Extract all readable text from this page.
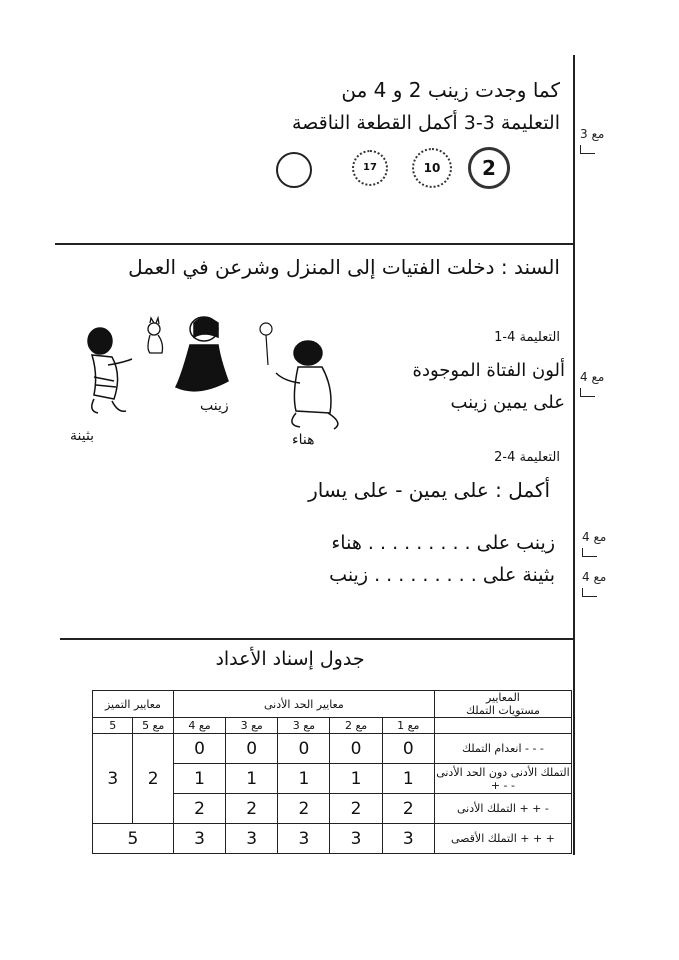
كما وجدت زينب 2 و 4 من
التعليمة 3-3 أكمل القطعة الناقصة مع 3
17	10	2
السند : دخلت الفتيات إلى المنزل وشرعن في العمل
بثينة
زينب
هناء
التعليمة 4-1
ألون الفتاة الموجودة
على يمين زينب
مع 4
التعليمة 4-2
أكمل : على يمين - على يسار
زينب على . . . . . . . . . هناء
بثينة على . . . . . . . . . زينب
مع 4
مع 4
جدول إسناد الأعداد
معايير التميز		معايير الحد الأدنى					المعايير
مستويات التملك
5	مع 5	مع 4	مع 3	مع 3	مع 2	مع 1	
3	2	0	0	0	0	0	انعدام التملك - - -
		1	1	1	1	1	التملك الأدنى دون الحد الأدنى + - -
		2	2	2	2	2	التملك الأدنى + + -
5		3	3	3	3	3	التملك الأقصى + + +
